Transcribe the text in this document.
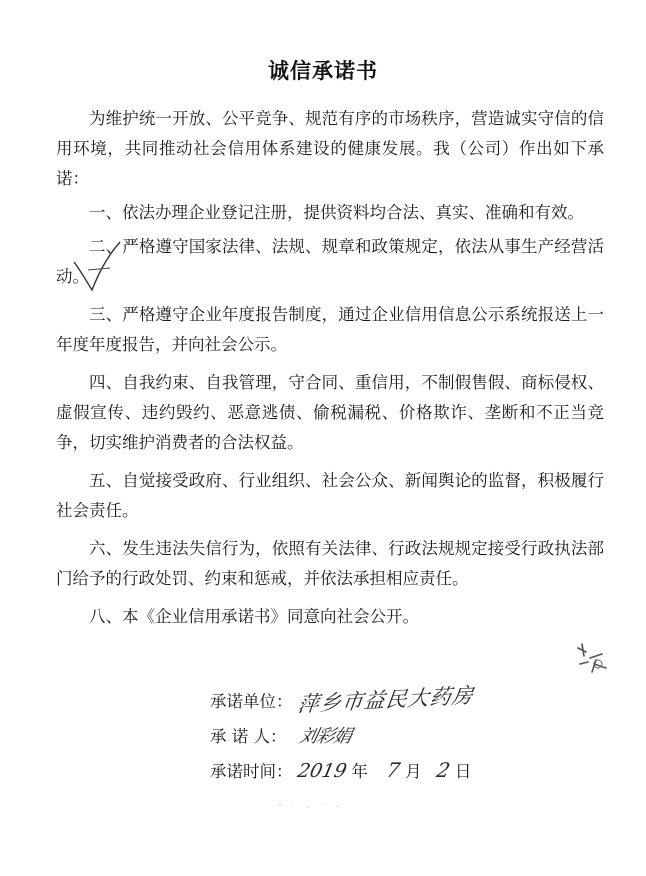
诚信承诺书

为维护统一开放、公平竞争、规范有序的市场秩序，营造诚实守信的信用环境，共同推动社会信用体系建设的健康发展。我（公司）作出如下承诺：

一、依法办理企业登记注册，提供资料均合法、真实、准确和有效。

二、严格遵守国家法律、法规、规章和政策规定，依法从事生产经营活动。

三、严格遵守企业年度报告制度，通过企业信用信息公示系统报送上一年度年度报告，并向社会公示。

四、自我约束、自我管理，守合同、重信用，不制假售假、商标侵权、虚假宣传、违约毁约、恶意逃债、偷税漏税、价格欺诈、垄断和不正当竞争，切实维护消费者的合法权益。

五、自觉接受政府、行业组织、社会公众、新闻舆论的监督，积极履行社会责任。

六、发生违法失信行为，依照有关法律、行政法规规定接受行政执法部门给予的行政处罚、约束和惩戒，并依法承担相应责任。

八、本《企业信用承诺书》同意向社会公开。

承诺单位： 萍乡市益民大药房
承 诺 人： 刘彩娟
承诺时间： 2019 年 7 月 2 日
